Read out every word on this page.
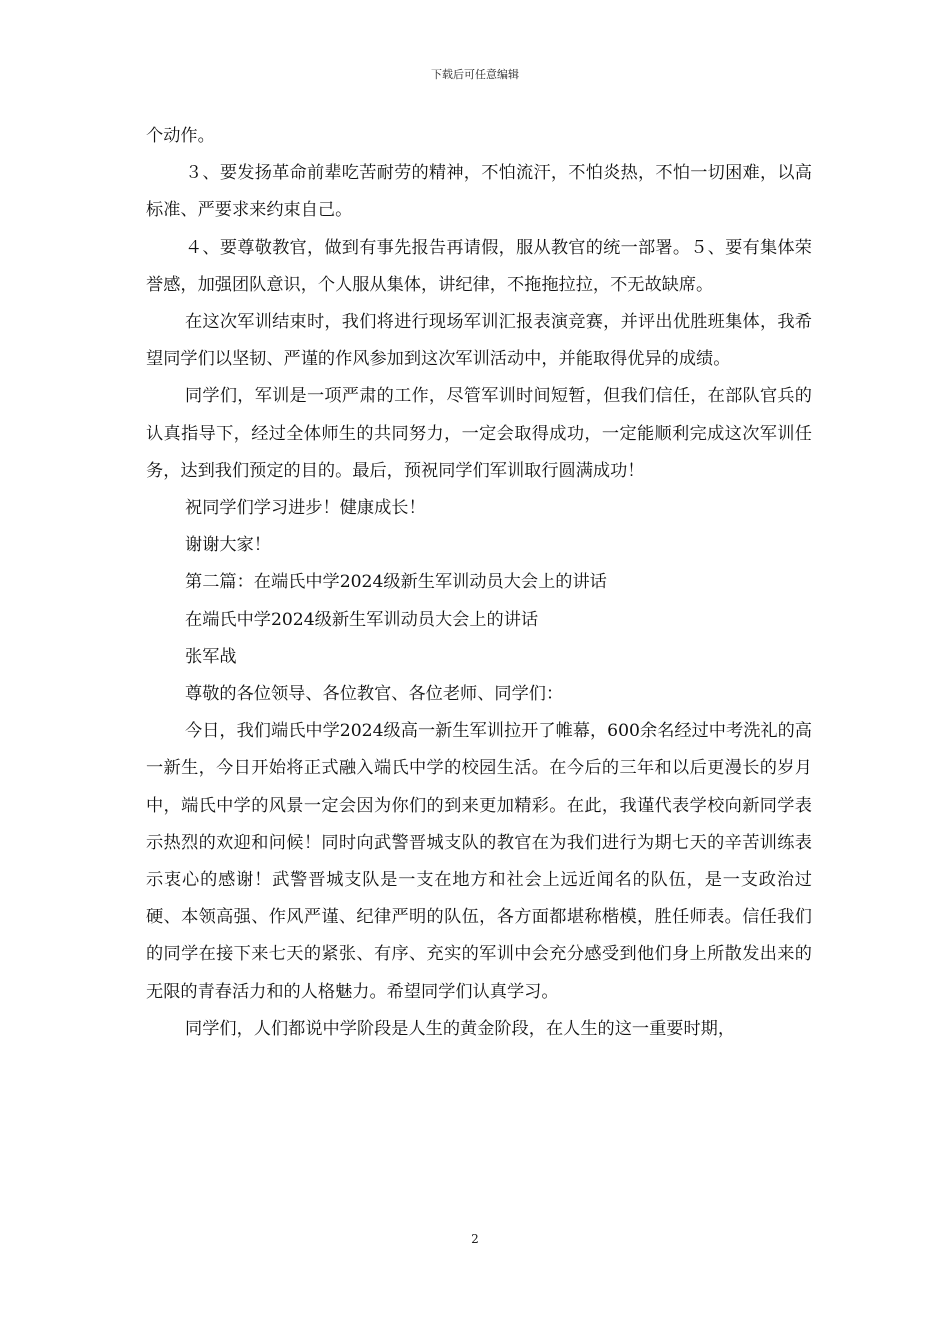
下载后可任意编辑

个动作。

３、要发扬革命前辈吃苦耐劳的精神，不怕流汗，不怕炎热，不怕一切困难，以高标准、严要求来约束自己。

４、要尊敬教官，做到有事先报告再请假，服从教官的统一部署。５、要有集体荣誉感，加强团队意识，个人服从集体，讲纪律，不拖拖拉拉，不无故缺席。

在这次军训结束时，我们将进行现场军训汇报表演竞赛，并评出优胜班集体，我希望同学们以坚韧、严谨的作风参加到这次军训活动中，并能取得优异的成绩。

同学们，军训是一项严肃的工作，尽管军训时间短暂，但我们信任，在部队官兵的认真指导下，经过全体师生的共同努力，一定会取得成功，一定能顺利完成这次军训任务，达到我们预定的目的。最后，预祝同学们军训取行圆满成功！

祝同学们学习进步！健康成长！

谢谢大家！

第二篇：在端氏中学2024级新生军训动员大会上的讲话

在端氏中学2024级新生军训动员大会上的讲话

张军战

尊敬的各位领导、各位教官、各位老师、同学们：

今日，我们端氏中学2024级高一新生军训拉开了帷幕，600余名经过中考洗礼的高一新生，今日开始将正式融入端氏中学的校园生活。在今后的三年和以后更漫长的岁月中，端氏中学的风景一定会因为你们的到来更加精彩。在此，我谨代表学校向新同学表示热烈的欢迎和问候！同时向武警晋城支队的教官在为我们进行为期七天的辛苦训练表示衷心的感谢！武警晋城支队是一支在地方和社会上远近闻名的队伍，是一支政治过硬、本领高强、作风严谨、纪律严明的队伍，各方面都堪称楷模，胜任师表。信任我们的同学在接下来七天的紧张、有序、充实的军训中会充分感受到他们身上所散发出来的无限的青春活力和的人格魅力。希望同学们认真学习。

同学们，人们都说中学阶段是人生的黄金阶段，在人生的这一重要时期，

2
